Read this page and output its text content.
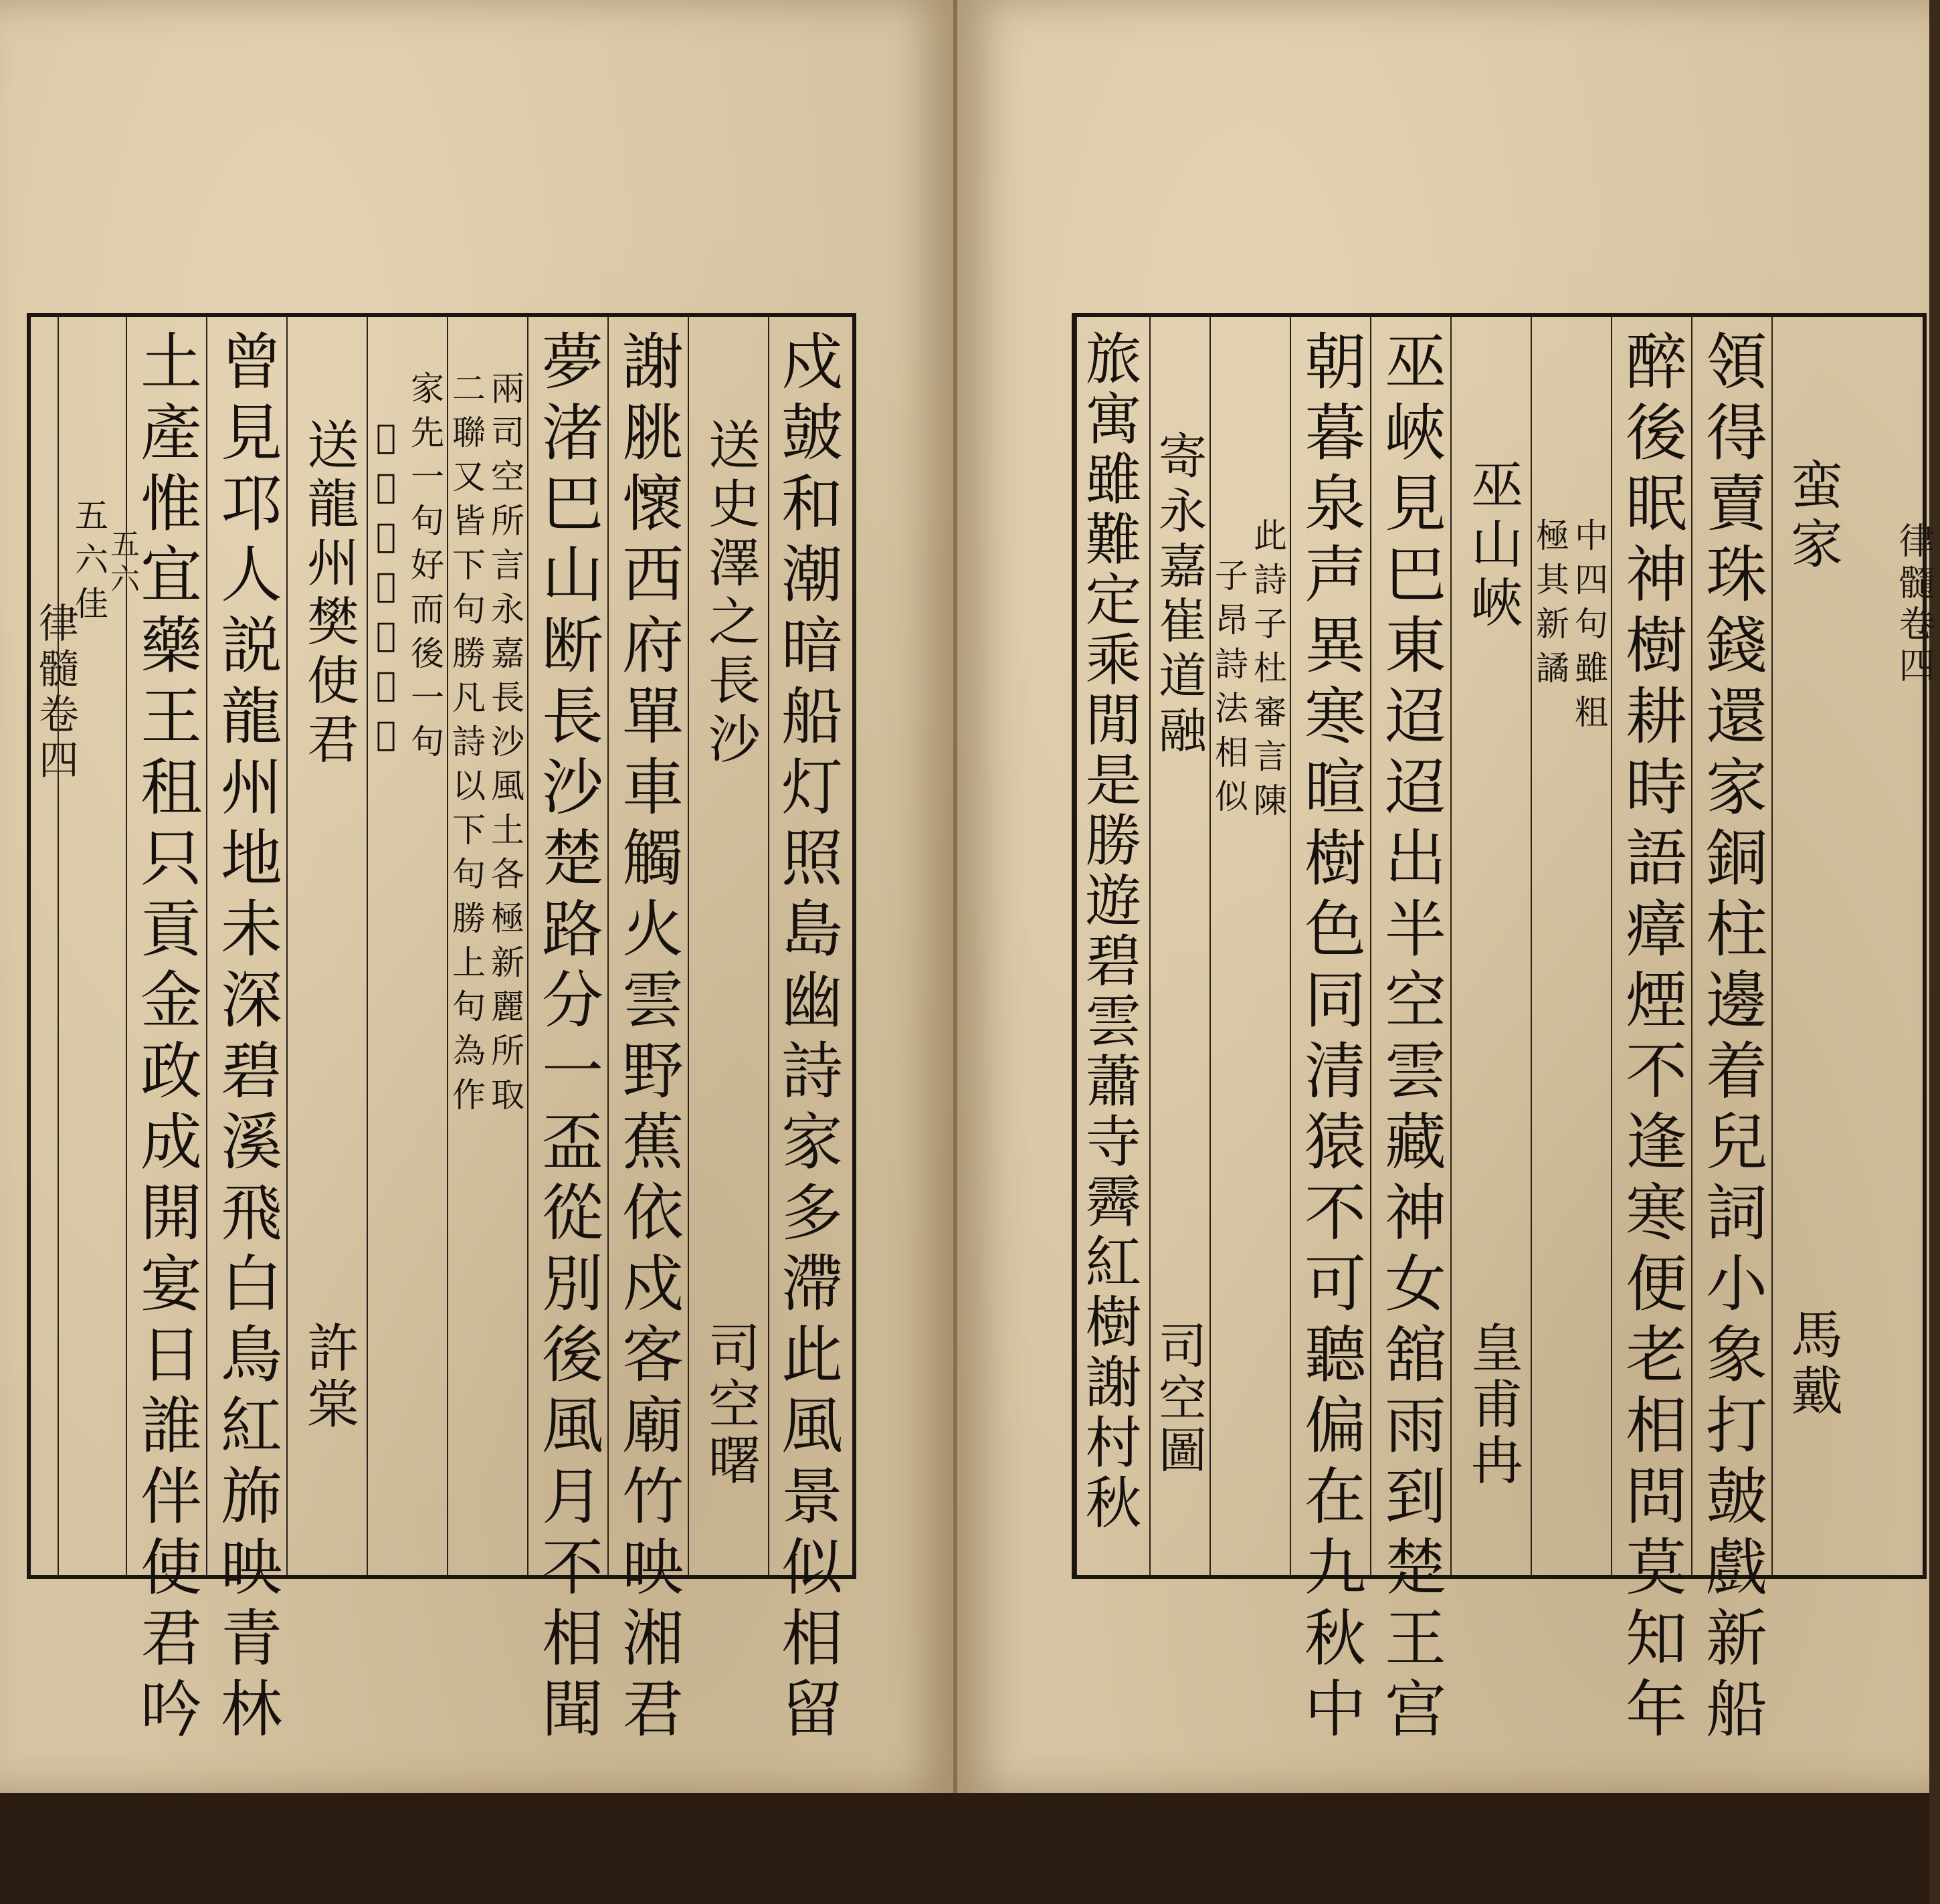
律髓卷四	戍皷和潮暗船灯照島幽詩家多滯此風景似相留
送史澤之長沙
司空曙
謝脁懷西府單車觸火雲野蕉依戍客廟竹映湘君
夢渚巴山断長沙楚路分一盃從別後風月不相聞
兩司空所言永嘉長沙風土各極新麗所取
二聯又皆下句勝凡詩以下句勝上句為作
家先一句好而後一句
𦆵或不称則敗矣
送龍州樊使君
許棠
曾見邛人説龍州地未深碧溪飛白鳥紅斾映青林
土產惟宜藥王租只貢金政成開宴日誰伴使君吟
五六佳
五六	蛮家
馬戴
領得賣珠錢還家銅柱邊着兒詞小象打皷戲新船
醉後眠神樹耕時語瘴煙不逢寒便老相問莫知年
中四句雖粗
極其新譎
巫山峽
皇甫冉
巫峽見巴東迢迢出半空雲藏神女舘雨到楚王宫
朝暮泉声異寒暄樹色同清猿不可聽偏在九秋中
此詩子杜審言陳
子昂詩法相似
寄永嘉崔道融
司空圖
旅寓雖難定乘閒是勝遊碧雲蕭寺霽紅樹謝村秋	律髓卷四
